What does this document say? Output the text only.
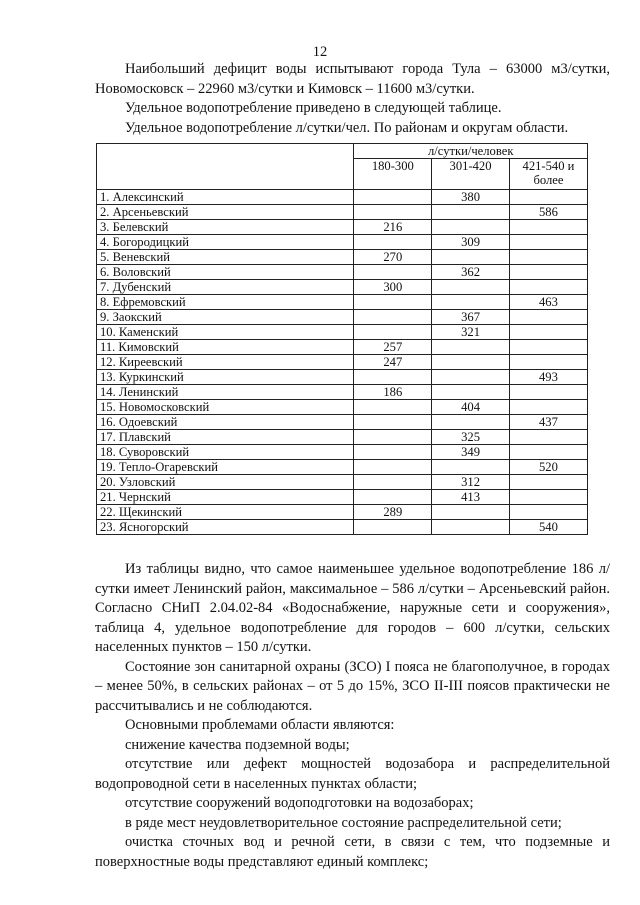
12

Наибольший дефицит воды испытывают города Тула – 63000 м3/сутки, Новомосковск – 22960 м3/сутки и Кимовск – 11600 м3/сутки.

Удельное водопотребление приведено в следующей таблице.

Удельное водопотребление л/сутки/чел. По районам и округам области.

	л/сутки/человек		
	180-300	301-420	421-540 и более
1. Алексинский		380	
2. Арсеньевский			586
3. Белевский	216		
4. Богородицкий		309	
5. Веневский	270		
6. Воловский		362	
7. Дубенский	300		
8. Ефремовский			463
9. Заокский		367	
10. Каменский		321	
11. Кимовский	257		
12. Киреевский	247		
13. Куркинский			493
14. Ленинский	186		
15. Новомосковский		404	
16. Одоевский			437
17. Плавский		325	
18. Суворовский		349	
19. Тепло-Огаревский			520
20. Узловский		312	
21. Чернский		413	
22. Щекинский	289		
23. Ясногорский			540

Из таблицы видно, что самое наименьшее удельное водопотребление 186 л/сутки имеет Ленинский район, максимальное – 586 л/сутки – Арсеньевский район. Согласно СНиП 2.04.02-84 «Водоснабжение, наружные сети и сооружения», таблица 4, удельное водопотребление для городов – 600 л/сутки, сельских населенных пунктов – 150 л/сутки.

Состояние зон санитарной охраны (ЗСО) I пояса не благополучное, в городах – менее 50%, в сельских районах – от 5 до 15%, ЗСО II-III поясов практически не рассчитывались и не соблюдаются.

Основными проблемами области являются:

снижение качества подземной воды;

отсутствие или дефект мощностей водозабора и распределительной водопроводной сети в населенных пунктах области;

отсутствие сооружений водоподготовки на водозаборах;

в ряде мест неудовлетворительное состояние распределительной сети;

очистка сточных вод и речной сети, в связи с тем, что подземные и поверхностные воды представляют единый комплекс;
